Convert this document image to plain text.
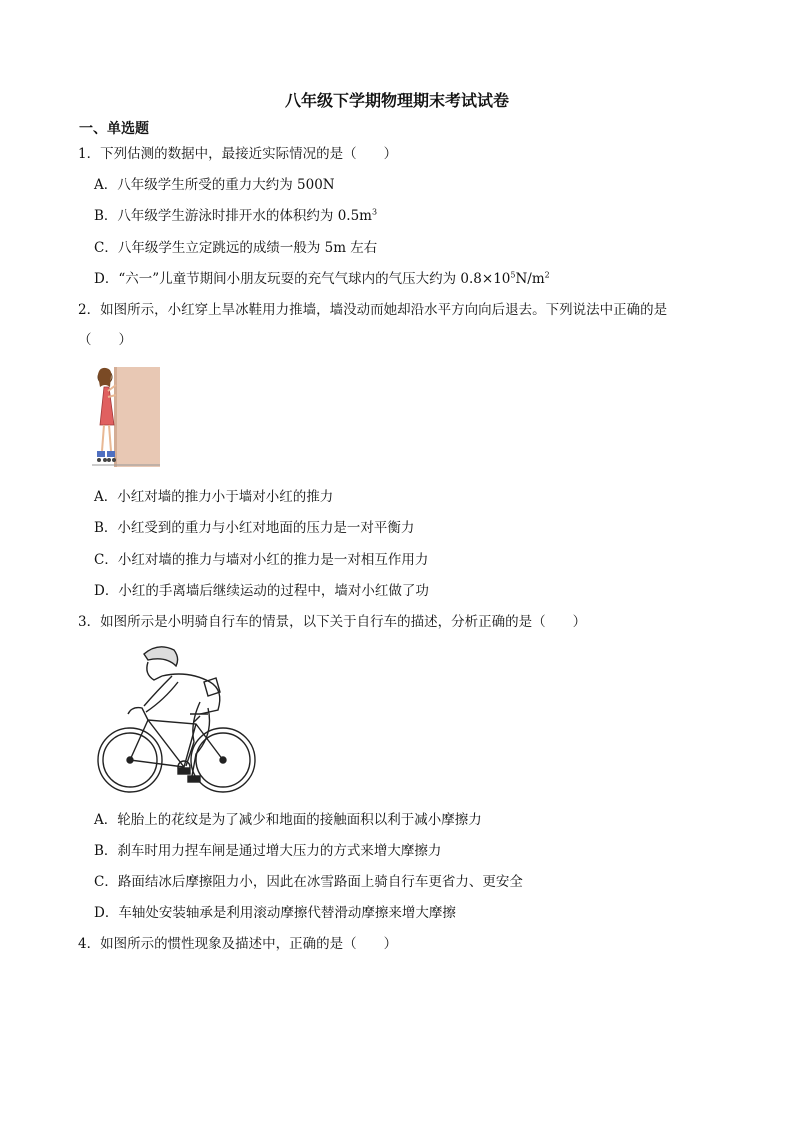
八年级下学期物理期末考试试卷
一、单选题
1．下列估测的数据中，最接近实际情况的是（　　）
A．八年级学生所受的重力大约为 500N
B．八年级学生游泳时排开水的体积约为 $0.5m^3$
C．八年级学生立定跳远的成绩一般为 5m 左右
D．“六一”儿童节期间小朋友玩耍的充气气球内的气压大约为 $0.8\times 10^5N/m^2$
2．如图所示，小红穿上旱冰鞋用力推墙，墙没动而她却沿水平方向向后退去。下列说法中正确的是
（　　）
A．小红对墙的推力小于墙对小红的推力
B．小红受到的重力与小红对地面的压力是一对平衡力
C．小红对墙的推力与墙对小红的推力是一对相互作用力
D．小红的手离墙后继续运动的过程中，墙对小红做了功
3．如图所示是小明骑自行车的情景，以下关于自行车的描述，分析正确的是（　　）
A．轮胎上的花纹是为了减少和地面的接触面积以利于减小摩擦力
B．刹车时用力捏车闸是通过增大压力的方式来增大摩擦力
C．路面结冰后摩擦阻力小，因此在冰雪路面上骑自行车更省力、更安全
D．车轴处安装轴承是利用滚动摩擦代替滑动摩擦来增大摩擦
4．如图所示的惯性现象及描述中，正确的是（　　）
